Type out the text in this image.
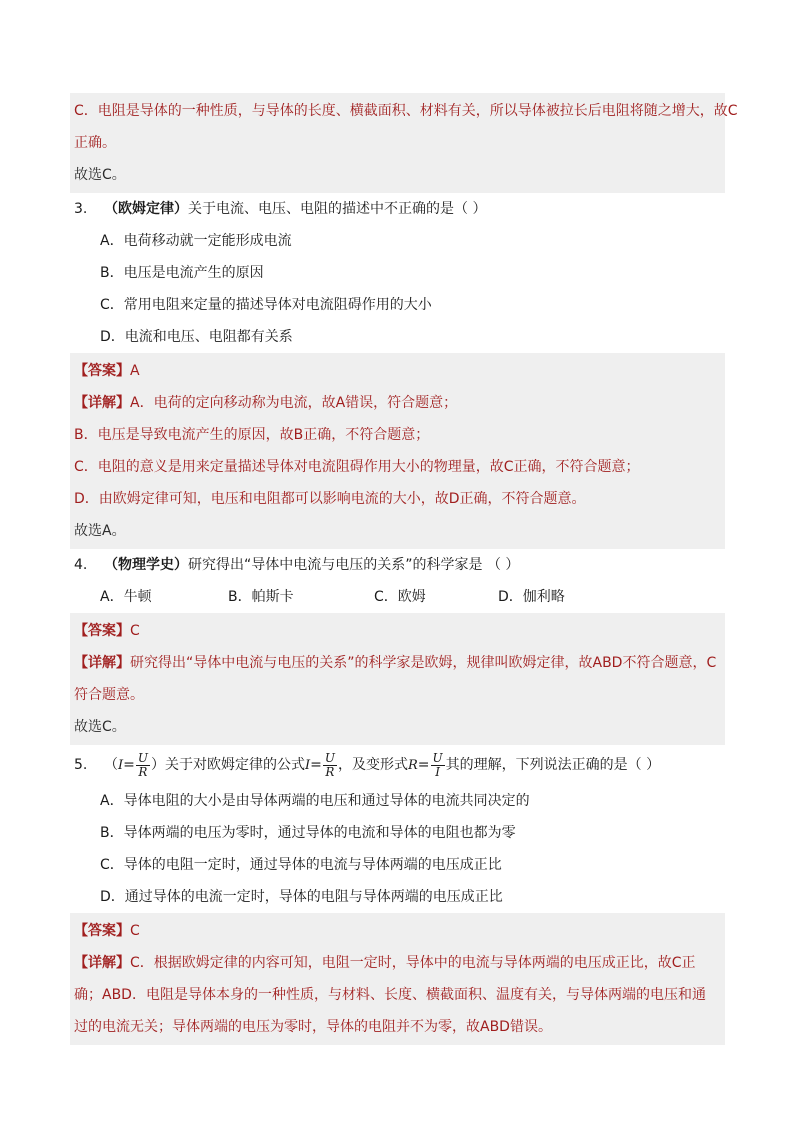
C．电阻是导体的一种性质，与导体的长度、横截面积、材料有关，所以导体被拉长后电阻将随之增大，故C
正确。
故选C。
3. （欧姆定律）关于电流、电压、电阻的描述中不正确的是（ ）
A．电荷移动就一定能形成电流
B．电压是电流产生的原因
C．常用电阻来定量的描述导体对电流阻碍作用的大小
D．电流和电压、电阻都有关系
【答案】A
【详解】A．电荷的定向移动称为电流，故A错误，符合题意；
B．电压是导致电流产生的原因，故B正确，不符合题意；
C．电阻的意义是用来定量描述导体对电流阻碍作用大小的物理量，故C正确，不符合题意；
D．由欧姆定律可知，电压和电阻都可以影响电流的大小，故D正确，不符合题意。
故选A。
4. （物理学史）研究得出“导体中电流与电压的关系”的科学家是 （ ）
A．牛顿	B．帕斯卡	C．欧姆	D．伽利略
【答案】C
【详解】研究得出“导体中电流与电压的关系”的科学家是欧姆，规律叫欧姆定律，故ABD不符合题意，C符合题意。
故选C。
5. （$I= \frac{U}{R}$ ）关于对欧姆定律的公式$I= \frac{U}{R}$ ，及变形式$R= \frac{U}{I}$ 其的理解，下列说法正确的是（ ）
A．导体电阻的大小是由导体两端的电压和通过导体的电流共同决定的
B．导体两端的电压为零时，通过导体的电流和导体的电阻也都为零
C．导体的电阻一定时，通过导体的电流与导体两端的电压成正比
D．通过导体的电流一定时，导体的电阻与导体两端的电压成正比
【答案】C
【详解】C．根据欧姆定律的内容可知，电阻一定时，导体中的电流与导体两端的电压成正比，故C正确；ABD．电阻是导体本身的一种性质，与材料、长度、横截面积、温度有关，与导体两端的电压和通过的电流无关；导体两端的电压为零时，导体的电阻并不为零，故ABD错误。
